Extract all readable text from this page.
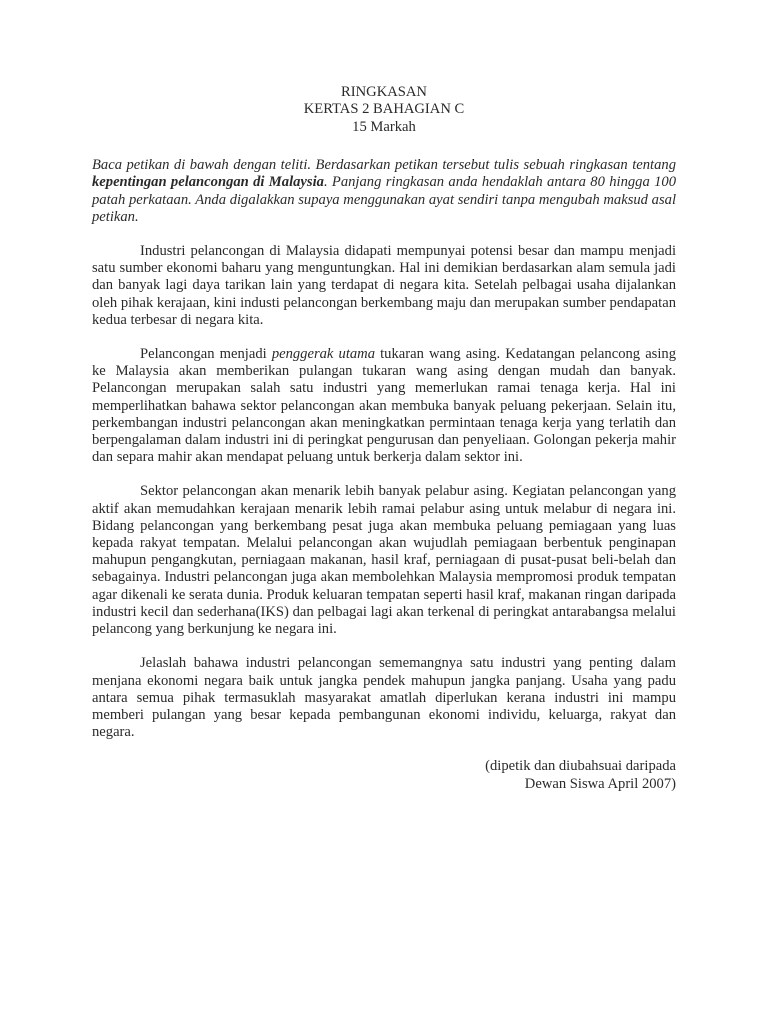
RINGKASAN
KERTAS 2 BAHAGIAN C
15 Markah

Baca petikan di bawah dengan teliti. Berdasarkan petikan tersebut tulis sebuah ringkasan tentang kepentingan pelancongan di Malaysia. Panjang ringkasan anda hendaklah antara 80 hingga 100 patah perkataan. Anda digalakkan supaya menggunakan ayat sendiri tanpa mengubah maksud asal petikan.

Industri pelancongan di Malaysia didapati mempunyai potensi besar dan mampu menjadi satu sumber ekonomi baharu yang menguntungkan. Hal ini demikian berdasarkan alam semula jadi dan banyak lagi daya tarikan lain yang terdapat di negara kita. Setelah pelbagai usaha dijalankan oleh pihak kerajaan, kini industi pelancongan berkembang maju dan merupakan sumber pendapatan kedua terbesar di negara kita.

Pelancongan menjadi penggerak utama tukaran wang asing. Kedatangan pelancong asing ke Malaysia akan memberikan pulangan tukaran wang asing dengan mudah dan banyak. Pelancongan merupakan salah satu industri yang memerlukan ramai tenaga kerja. Hal ini memperlihatkan bahawa sektor pelancongan akan membuka banyak peluang pekerjaan. Selain itu, perkembangan industri pelancongan akan meningkatkan permintaan tenaga kerja yang terlatih dan berpengalaman dalam industri ini di peringkat pengurusan dan penyeliaan. Golongan pekerja mahir dan separa mahir akan mendapat peluang untuk berkerja dalam sektor ini.

Sektor pelancongan akan menarik lebih banyak pelabur asing. Kegiatan pelancongan yang aktif akan memudahkan kerajaan menarik lebih ramai pelabur asing untuk melabur di negara ini. Bidang pelancongan yang berkembang pesat juga akan membuka peluang pemiagaan yang luas kepada rakyat tempatan. Melalui pelancongan akan wujudlah pemiagaan berbentuk penginapan mahupun pengangkutan, perniagaan makanan, hasil kraf, perniagaan di pusat-pusat beli-belah dan sebagainya. Industri pelancongan juga akan membolehkan Malaysia mempromosi produk tempatan agar dikenali ke serata dunia. Produk keluaran tempatan seperti hasil kraf, makanan ringan daripada industri kecil dan sederhana(IKS) dan pelbagai lagi akan terkenal di peringkat antarabangsa melalui pelancong yang berkunjung ke negara ini.

Jelaslah bahawa industri pelancongan sememangnya satu industri yang penting dalam menjana ekonomi negara baik untuk jangka pendek mahupun jangka panjang. Usaha yang padu antara semua pihak termasuklah masyarakat amatlah diperlukan kerana industri ini mampu memberi pulangan yang besar kepada pembangunan ekonomi individu, keluarga, rakyat dan negara.

(dipetik dan diubahsuai daripada
Dewan Siswa April 2007)
